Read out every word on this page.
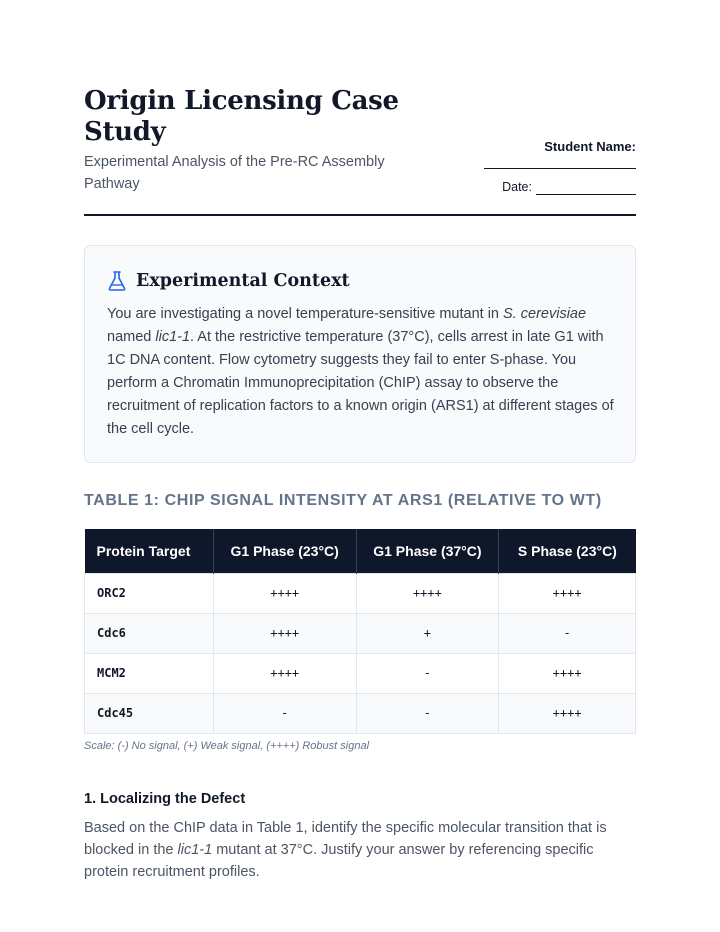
Origin Licensing Case Study
Experimental Analysis of the Pre-RC Assembly Pathway
Student Name:
Date:
Experimental Context

You are investigating a novel temperature-sensitive mutant in S. cerevisiae named lic1-1. At the restrictive temperature (37°C), cells arrest in late G1 with 1C DNA content. Flow cytometry suggests they fail to enter S-phase. You perform a Chromatin Immunoprecipitation (ChIP) assay to observe the recruitment of replication factors to a known origin (ARS1) at different stages of the cell cycle.

TABLE 1: CHIP SIGNAL INTENSITY AT ARS1 (RELATIVE TO WT)
Protein Target	G1 Phase (23°C)	G1 Phase (37°C)	S Phase (23°C)
ORC2	++++	++++	++++
Cdc6	++++	+	-
MCM2	++++	-	++++
Cdc45	-	-	++++
Scale: (-) No signal, (+) Weak signal, (++++) Robust signal
1. Localizing the Defect

Based on the ChIP data in Table 1, identify the specific molecular transition that is blocked in the lic1-1 mutant at 37°C. Justify your answer by referencing specific protein recruitment profiles.
